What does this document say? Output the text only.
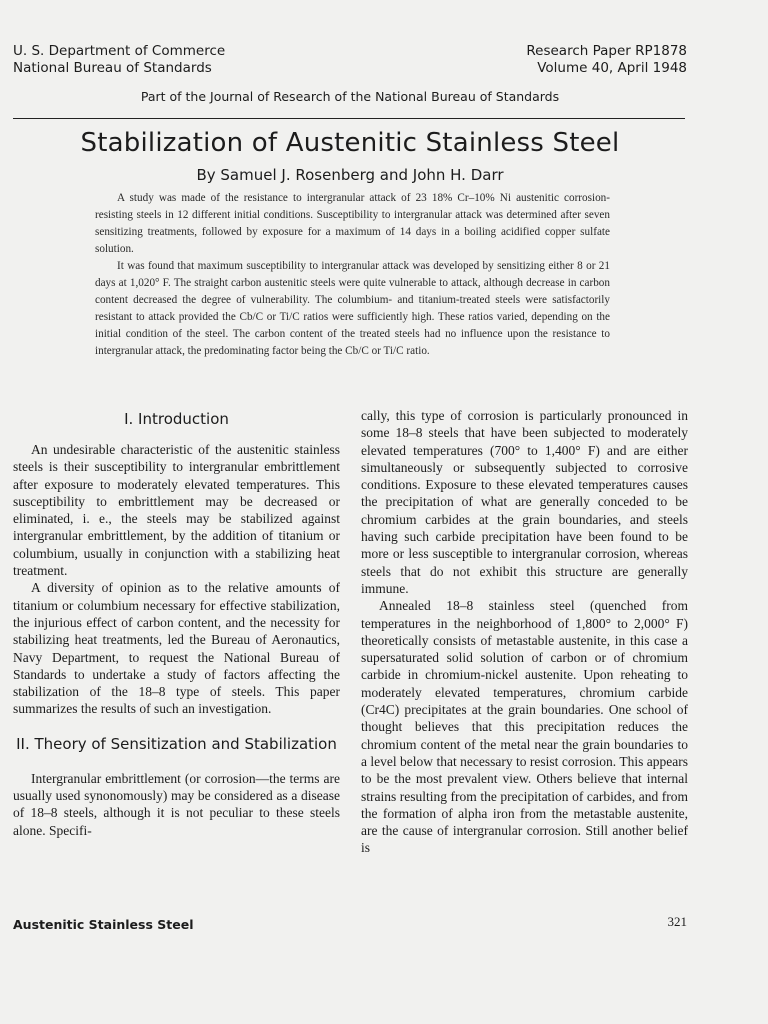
U. S. Department of Commerce
National Bureau of Standards
Research Paper RP1878
Volume 40, April 1948
Part of the Journal of Research of the National Bureau of Standards
Stabilization of Austenitic Stainless Steel
By Samuel J. Rosenberg and John H. Darr

A study was made of the resistance to intergranular attack of 23 18% Cr–10% Ni austenitic corrosion-resisting steels in 12 different initial conditions. Susceptibility to intergranular attack was determined after seven sensitizing treatments, followed by exposure for a maximum of 14 days in a boiling acidified copper sulfate solution.

It was found that maximum susceptibility to intergranular attack was developed by sensitizing either 8 or 21 days at 1,020° F. The straight carbon austenitic steels were quite vulnerable to attack, although decrease in carbon content decreased the degree of vulnerability. The columbium- and titanium-treated steels were satisfactorily resistant to attack provided the Cb/C or Ti/C ratios were sufficiently high. These ratios varied, depending on the initial condition of the steel. The carbon content of the treated steels had no influence upon the resistance to intergranular attack, the predominating factor being the Cb/C or Ti/C ratio.

I. Introduction

An undesirable characteristic of the austenitic stainless steels is their susceptibility to intergranular embrittlement after exposure to moderately elevated temperatures. This susceptibility to embrittlement may be decreased or eliminated, i. e., the steels may be stabilized against intergranular embrittlement, by the addition of titanium or columbium, usually in conjunction with a stabilizing heat treatment.

A diversity of opinion as to the relative amounts of titanium or columbium necessary for effective stabilization, the injurious effect of carbon content, and the necessity for stabilizing heat treatments, led the Bureau of Aeronautics, Navy Department, to request the National Bureau of Standards to undertake a study of factors affecting the stabilization of the 18–8 type of steels. This paper summarizes the results of such an investigation.

II. Theory of Sensitization and Stabilization

Intergranular embrittlement (or corrosion—the terms are usually used synonomously) may be considered as a disease of 18–8 steels, although it is not peculiar to these steels alone. Specifi-

cally, this type of corrosion is particularly pronounced in some 18–8 steels that have been subjected to moderately elevated temperatures (700° to 1,400° F) and are either simultaneously or subsequently subjected to corrosive conditions. Exposure to these elevated temperatures causes the precipitation of what are generally conceded to be chromium carbides at the grain boundaries, and steels having such carbide precipitation have been found to be more or less susceptible to intergranular corrosion, whereas steels that do not exhibit this structure are generally immune.

Annealed 18–8 stainless steel (quenched from temperatures in the neighborhood of 1,800° to 2,000° F) theoretically consists of metastable austenite, in this case a supersaturated solid solution of carbon or of chromium carbide in chromium-nickel austenite. Upon reheating to moderately elevated temperatures, chromium carbide (Cr4C) precipitates at the grain boundaries. One school of thought believes that this precipitation reduces the chromium content of the metal near the grain boundaries to a level below that necessary to resist corrosion. This appears to be the most prevalent view. Others believe that internal strains resulting from the precipitation of carbides, and from the formation of alpha iron from the metastable austenite, are the cause of intergranular corrosion. Still another belief is

Austenitic Stainless Steel	321
